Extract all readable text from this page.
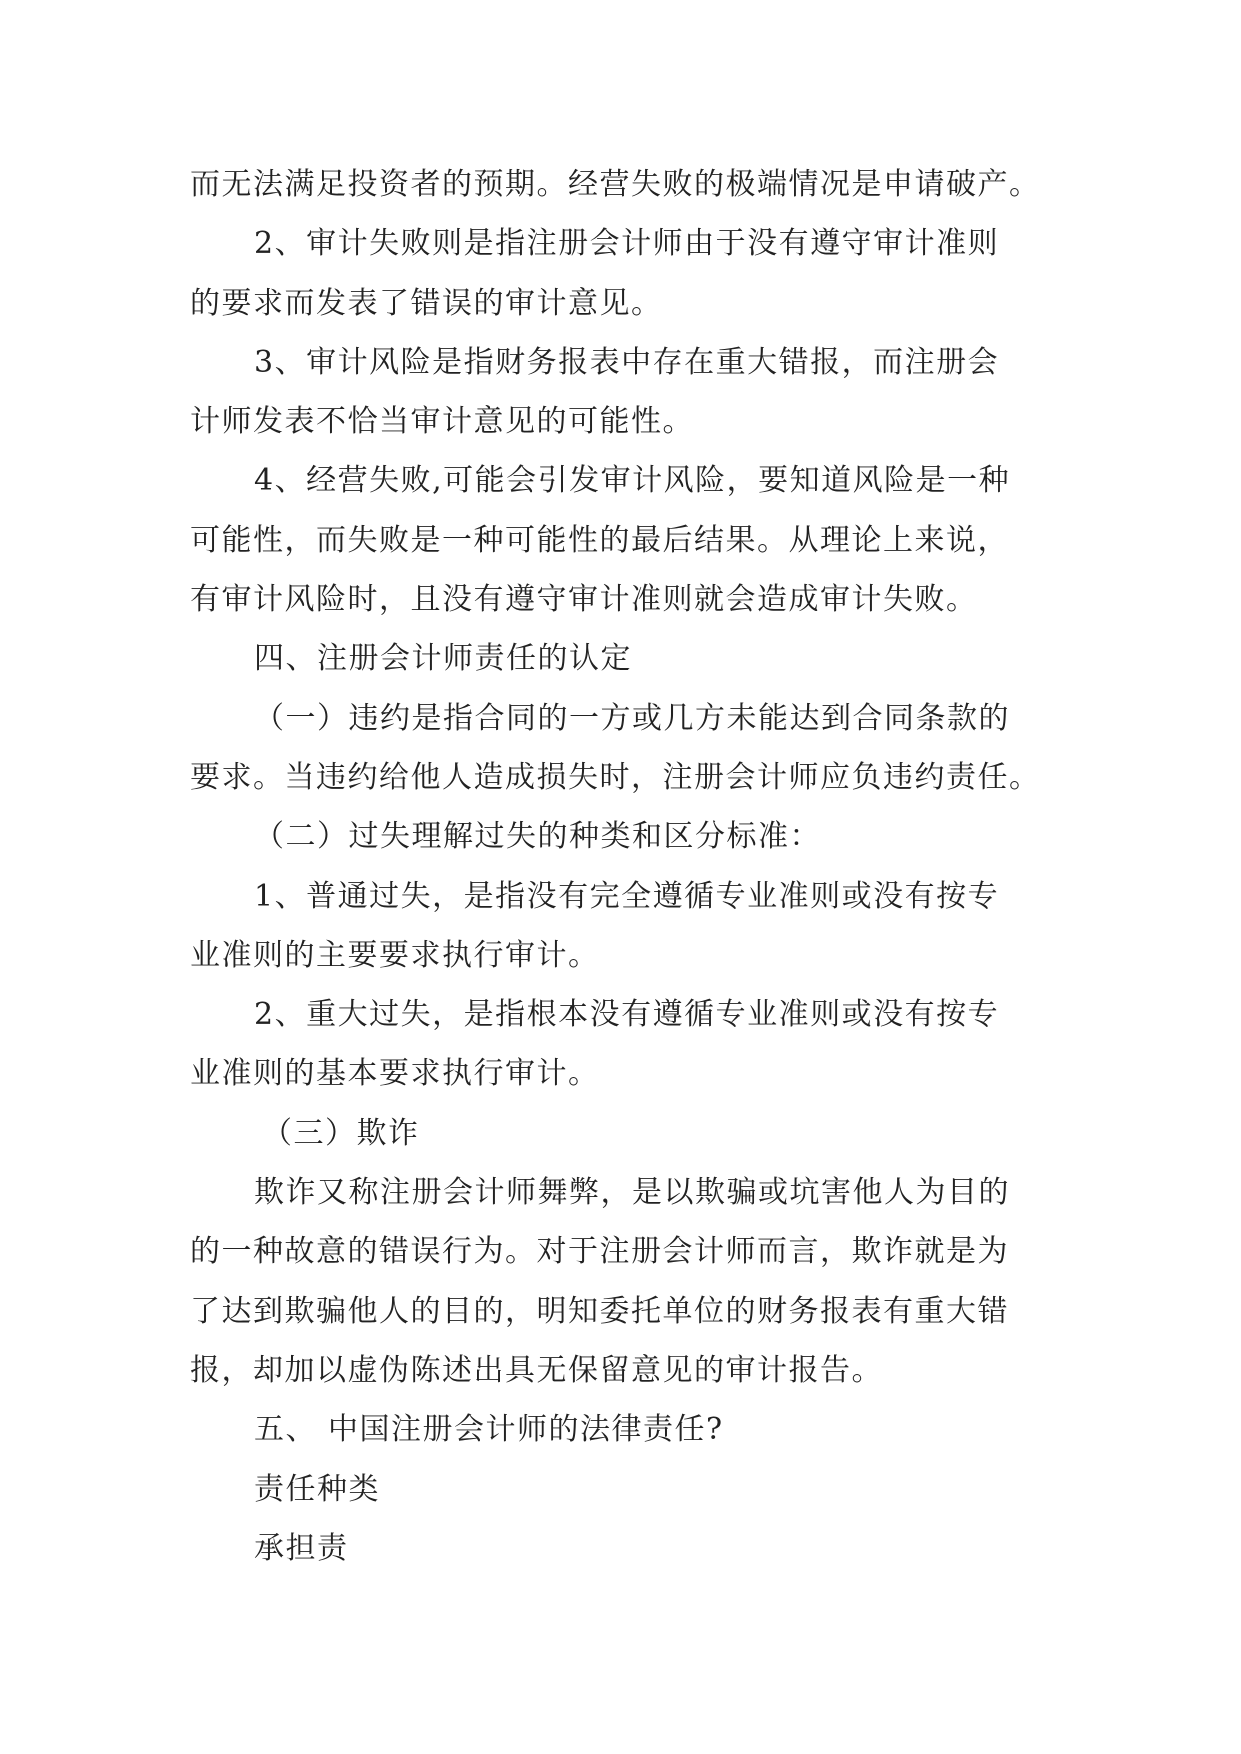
而无法满足投资者的预期。经营失败的极端情况是申请破产。
2、审计失败则是指注册会计师由于没有遵守审计准则
的要求而发表了错误的审计意见。
3、审计风险是指财务报表中存在重大错报，而注册会
计师发表不恰当审计意见的可能性。
4、经营失败,可能会引发审计风险，要知道风险是一种
可能性，而失败是一种可能性的最后结果。从理论上来说，
有审计风险时，且没有遵守审计准则就会造成审计失败。
四、注册会计师责任的认定
（一）违约是指合同的一方或几方未能达到合同条款的
要求。当违约给他人造成损失时，注册会计师应负违约责任。
（二）过失理解过失的种类和区分标准：
1、普通过失，是指没有完全遵循专业准则或没有按专
业准则的主要要求执行审计。
2、重大过失，是指根本没有遵循专业准则或没有按专
业准则的基本要求执行审计。
（三）欺诈
欺诈又称注册会计师舞弊，是以欺骗或坑害他人为目的
的一种故意的错误行为。对于注册会计师而言，欺诈就是为
了达到欺骗他人的目的，明知委托单位的财务报表有重大错
报，却加以虚伪陈述出具无保留意见的审计报告。
五、 中国注册会计师的法律责任?
责任种类
承担责
